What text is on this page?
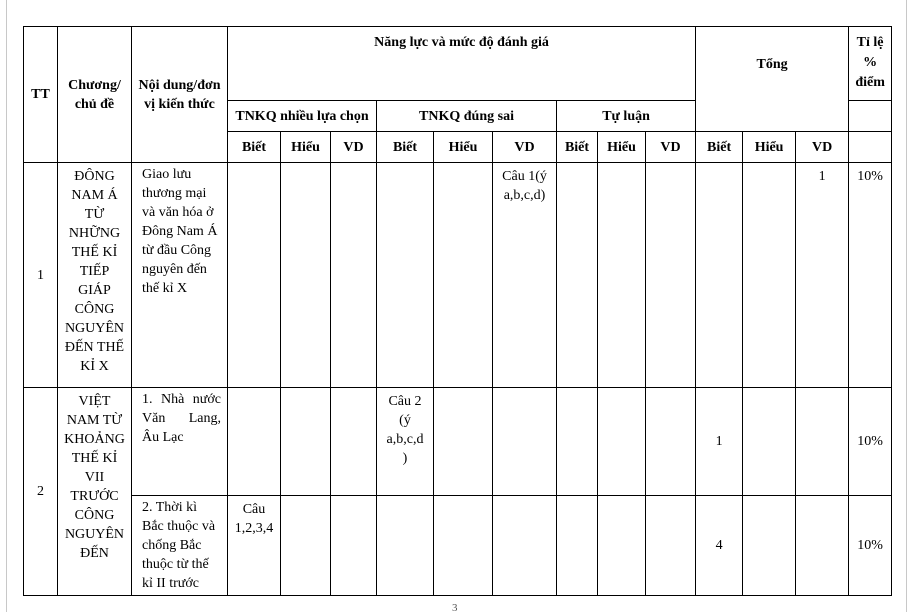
TT	Chương/ chủ đề	Nội dung/đơn vị kiến thức	Năng lực và mức độ đánh giá									Tổng			Tỉ lệ % điểm
			TNKQ nhiều lựa chọn			TNKQ đúng sai			Tự luận						
			Biết	Hiểu	VD	Biết	Hiểu	VD	Biết	Hiểu	VD	Biết	Hiểu	VD	
1	ĐÔNG NAM Á TỪ NHỮNG THẾ KỈ TIẾP GIÁP CÔNG NGUYÊN ĐẾN THẾ KỈ X	Giao lưu thương mại và văn hóa ở Đông Nam Á từ đầu Công nguyên đến thế kỉ X						Câu 1(ý a,b,c,d)						1	10%
2	VIỆT NAM TỪ KHOẢNG THẾ KỈ VII TRƯỚC CÔNG NGUYÊN ĐẾN	1. Nhà nước Văn Lang, Âu Lạc				Câu 2
(ý
a,b,c,d
)						1			10%
		2. Thời kì Bắc thuộc và chống Bắc thuộc từ thế kỉ II trước	Câu 1,2,3,4									4			10%
3
